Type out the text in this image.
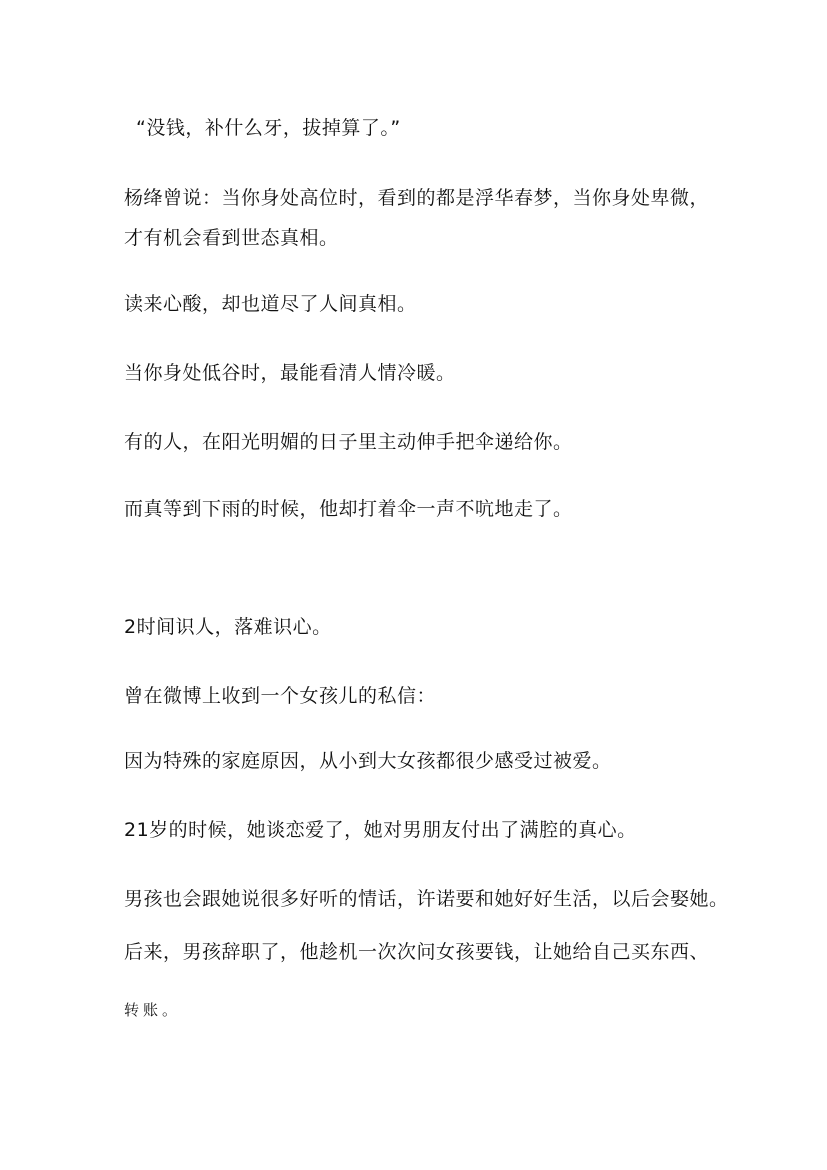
“没钱，补什么牙，拔掉算了。”
杨绛曾说：当你身处高位时，看到的都是浮华春梦，当你身处卑微，
才有机会看到世态真相。
读来心酸，却也道尽了人间真相。
当你身处低谷时，最能看清人情冷暖。
有的人，在阳光明媚的日子里主动伸手把伞递给你。
而真等到下雨的时候，他却打着伞一声不吭地走了。
2时间识人，落难识心。
曾在微博上收到一个女孩儿的私信：
因为特殊的家庭原因，从小到大女孩都很少感受过被爱。
21岁的时候，她谈恋爱了，她对男朋友付出了满腔的真心。
男孩也会跟她说很多好听的情话，许诺要和她好好生活，以后会娶她。
后来，男孩辞职了，他趁机一次次问女孩要钱，让她给自己买东西、
转账。
